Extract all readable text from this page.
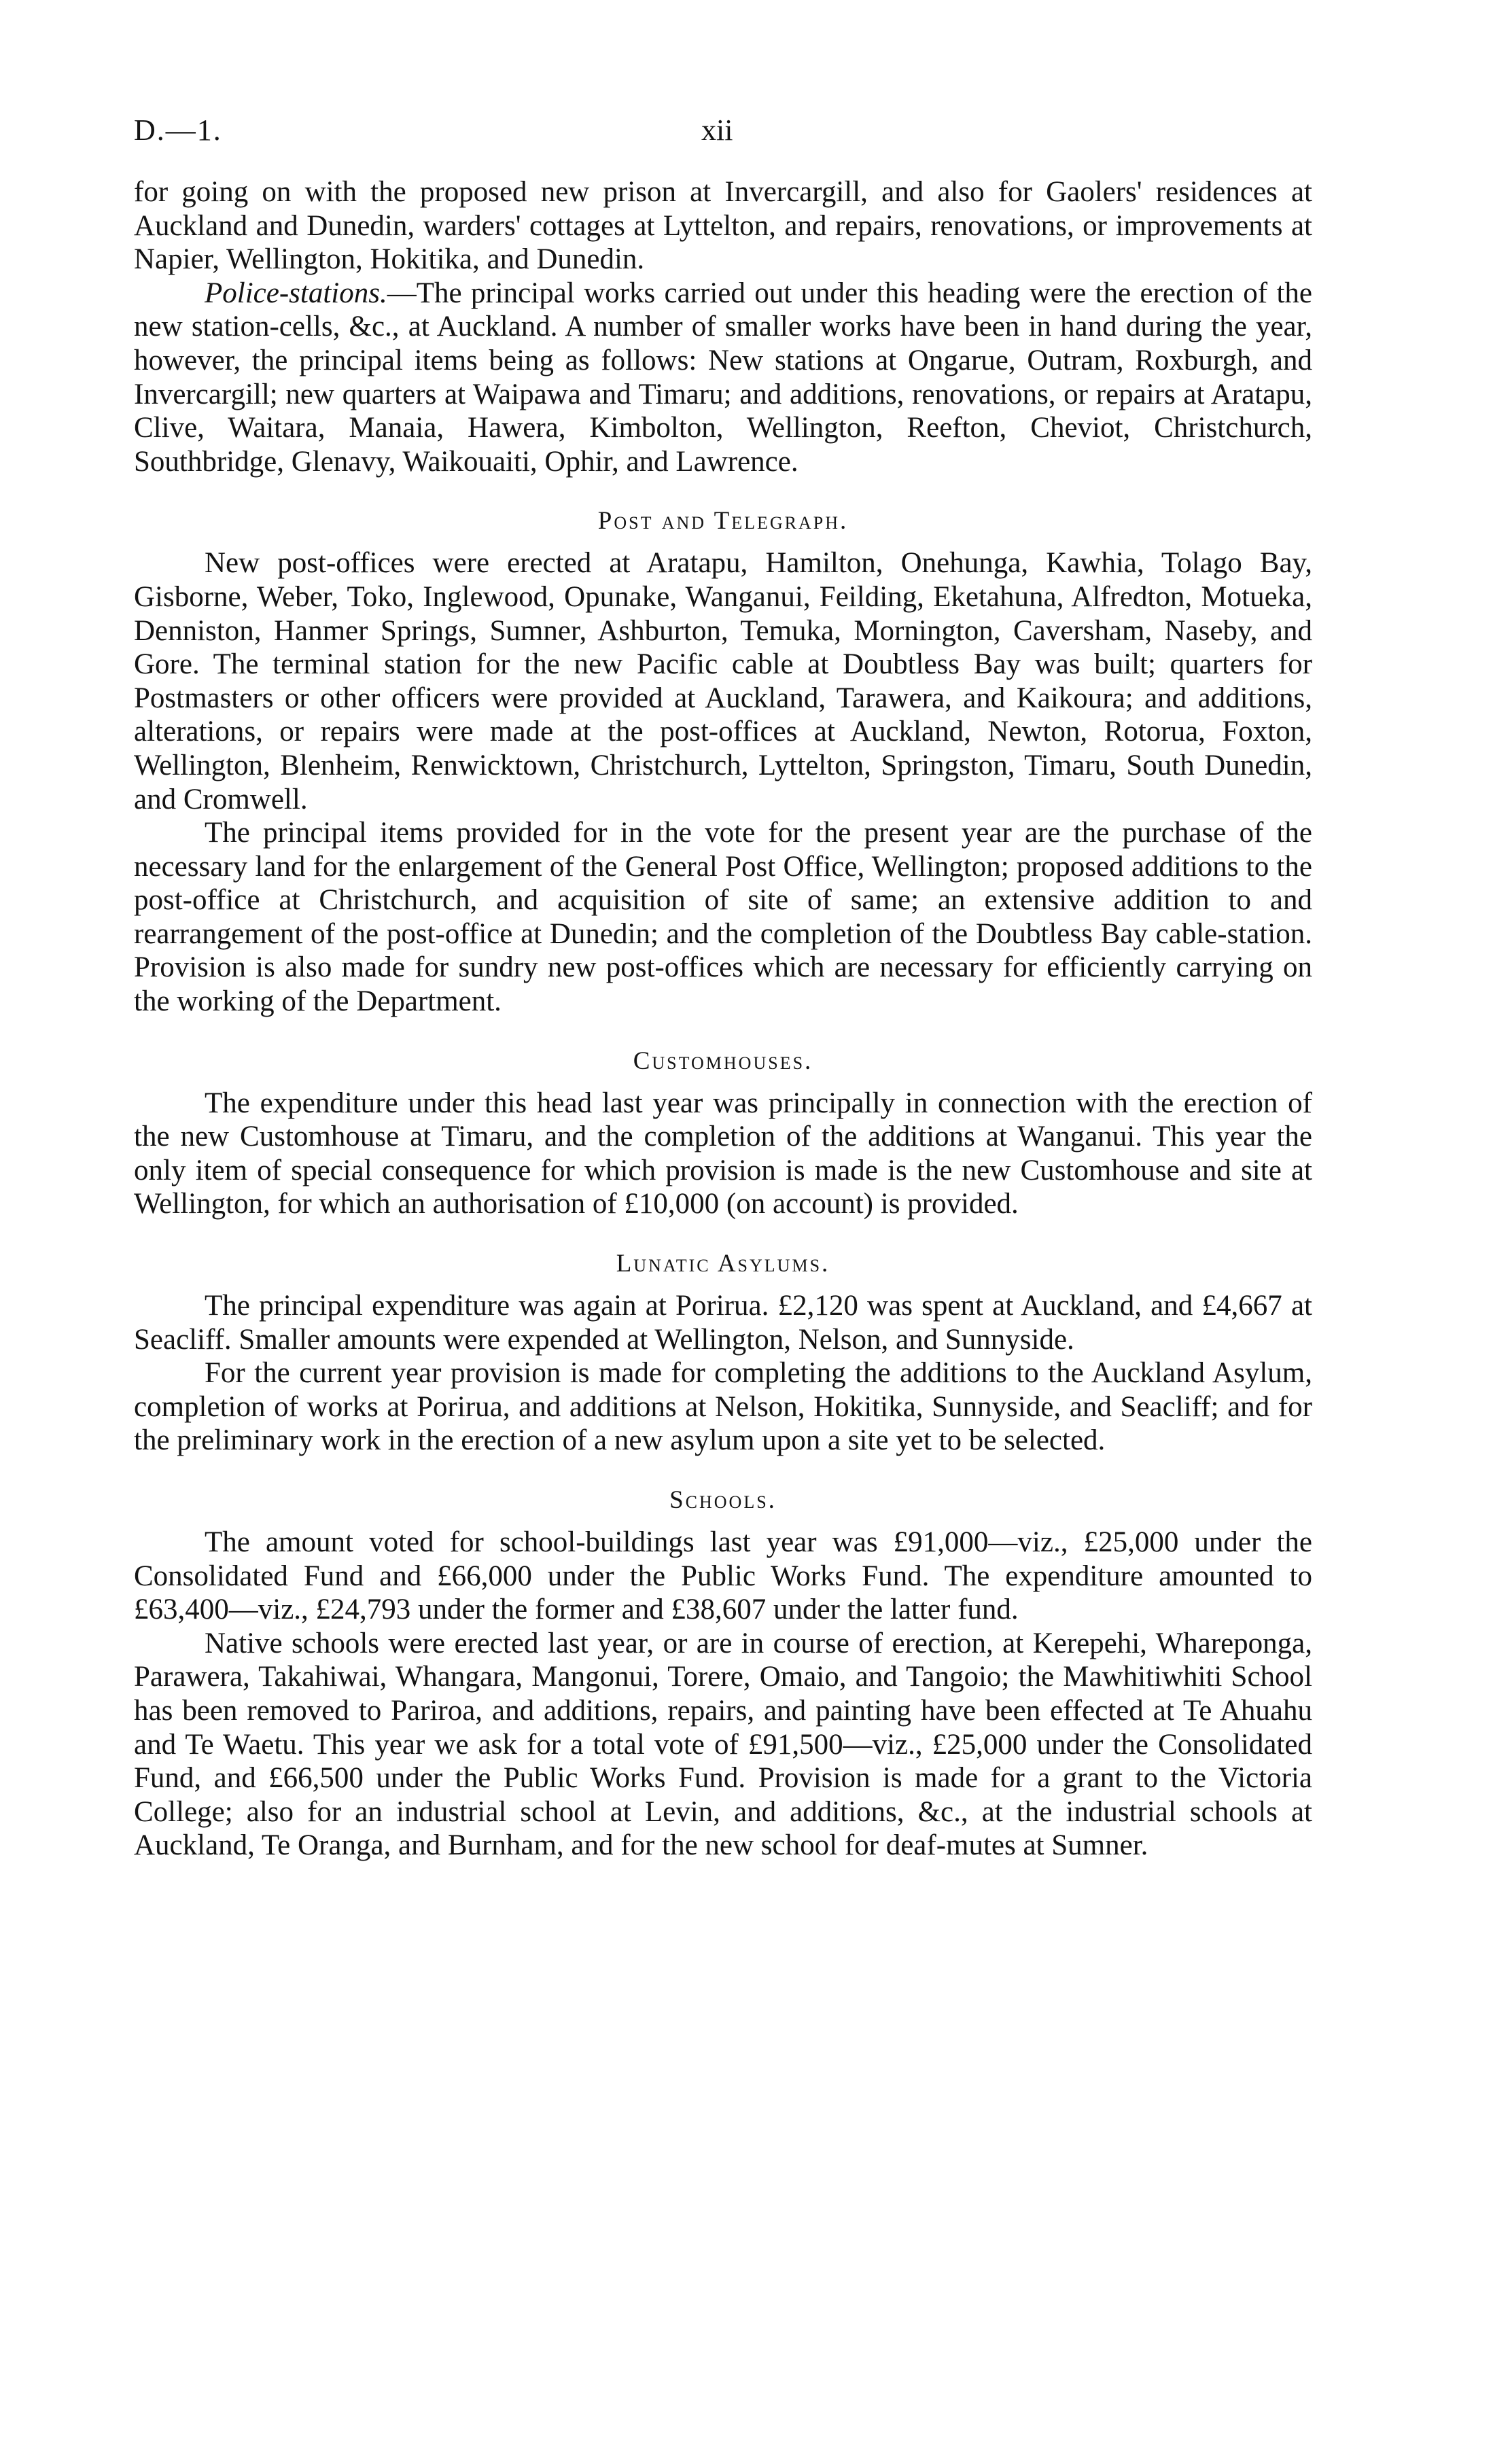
D.—1.	xii

for going on with the proposed new prison at Invercargill, and also for Gaolers' residences at Auckland and Dunedin, warders' cottages at Lyttelton, and repairs, renovations, or improvements at Napier, Wellington, Hokitika, and Dunedin.

Police-stations.—The principal works carried out under this heading were the erection of the new station-cells, &c., at Auckland. A number of smaller works have been in hand during the year, however, the principal items being as follows: New stations at Ongarue, Outram, Roxburgh, and Invercargill; new quarters at Waipawa and Timaru; and additions, renovations, or repairs at Aratapu, Clive, Waitara, Manaia, Hawera, Kimbolton, Wellington, Reefton, Cheviot, Christchurch, Southbridge, Glenavy, Waikouaiti, Ophir, and Lawrence.

Post and Telegraph.

New post-offices were erected at Aratapu, Hamilton, Onehunga, Kawhia, Tolago Bay, Gisborne, Weber, Toko, Inglewood, Opunake, Wanganui, Feilding, Eketahuna, Alfredton, Motueka, Denniston, Hanmer Springs, Sumner, Ashburton, Temuka, Mornington, Caversham, Naseby, and Gore. The terminal station for the new Pacific cable at Doubtless Bay was built; quarters for Postmasters or other officers were provided at Auckland, Tarawera, and Kaikoura; and additions, alterations, or repairs were made at the post-offices at Auckland, Newton, Rotorua, Foxton, Wellington, Blenheim, Renwicktown, Christchurch, Lyttelton, Springston, Timaru, South Dunedin, and Cromwell.

The principal items provided for in the vote for the present year are the purchase of the necessary land for the enlargement of the General Post Office, Wellington; proposed additions to the post-office at Christchurch, and acquisition of site of same; an extensive addition to and rearrangement of the post-office at Dunedin; and the completion of the Doubtless Bay cable-station. Provision is also made for sundry new post-offices which are necessary for efficiently carrying on the working of the Department.

Customhouses.

The expenditure under this head last year was principally in connection with the erection of the new Customhouse at Timaru, and the completion of the additions at Wanganui. This year the only item of special consequence for which provision is made is the new Customhouse and site at Wellington, for which an authorisation of £10,000 (on account) is provided.

Lunatic Asylums.

The principal expenditure was again at Porirua. £2,120 was spent at Auckland, and £4,667 at Seacliff. Smaller amounts were expended at Wellington, Nelson, and Sunnyside.

For the current year provision is made for completing the additions to the Auckland Asylum, completion of works at Porirua, and additions at Nelson, Hokitika, Sunnyside, and Seacliff; and for the preliminary work in the erection of a new asylum upon a site yet to be selected.

Schools.

The amount voted for school-buildings last year was £91,000—viz., £25,000 under the Consolidated Fund and £66,000 under the Public Works Fund. The expenditure amounted to £63,400—viz., £24,793 under the former and £38,607 under the latter fund.

Native schools were erected last year, or are in course of erection, at Kerepehi, Whareponga, Parawera, Takahiwai, Whangara, Mangonui, Torere, Omaio, and Tangoio; the Mawhitiwhiti School has been removed to Pariroa, and additions, repairs, and painting have been effected at Te Ahuahu and Te Waetu. This year we ask for a total vote of £91,500—viz., £25,000 under the Consolidated Fund, and £66,500 under the Public Works Fund. Provision is made for a grant to the Victoria College; also for an industrial school at Levin, and additions, &c., at the industrial schools at Auckland, Te Oranga, and Burnham, and for the new school for deaf-mutes at Sumner.
